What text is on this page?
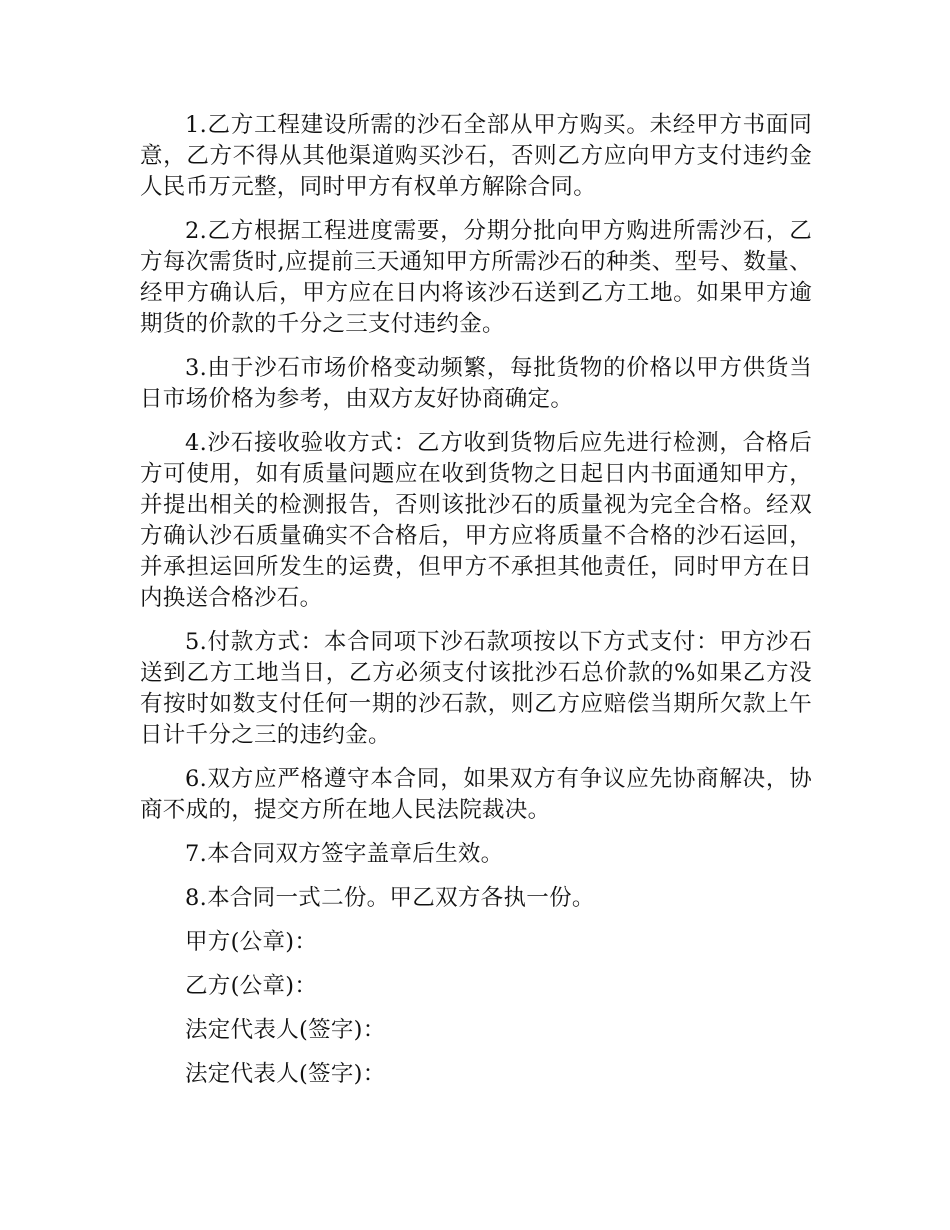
1.乙方工程建设所需的沙石全部从甲方购买。未经甲方书面同意，乙方不得从其他渠道购买沙石，否则乙方应向甲方支付违约金人民币万元整，同时甲方有权单方解除合同。

2.乙方根据工程进度需要，分期分批向甲方购进所需沙石，乙方每次需货时,应提前三天通知甲方所需沙石的种类、型号、数量、经甲方确认后，甲方应在日内将该沙石送到乙方工地。如果甲方逾期货的价款的千分之三支付违约金。

3.由于沙石市场价格变动频繁，每批货物的价格以甲方供货当日市场价格为参考，由双方友好协商确定。

4.沙石接收验收方式：乙方收到货物后应先进行检测，合格后方可使用，如有质量问题应在收到货物之日起日内书面通知甲方，并提出相关的检测报告，否则该批沙石的质量视为完全合格。经双方确认沙石质量确实不合格后，甲方应将质量不合格的沙石运回，并承担运回所发生的运费，但甲方不承担其他责任，同时甲方在日内换送合格沙石。

5.付款方式：本合同项下沙石款项按以下方式支付：甲方沙石送到乙方工地当日，乙方必须支付该批沙石总价款的%如果乙方没有按时如数支付任何一期的沙石款，则乙方应赔偿当期所欠款上午日计千分之三的违约金。

6.双方应严格遵守本合同，如果双方有争议应先协商解决，协商不成的，提交方所在地人民法院裁决。

7.本合同双方签字盖章后生效。

8.本合同一式二份。甲乙双方各执一份。

甲方(公章)：

乙方(公章)：

法定代表人(签字)：

法定代表人(签字)：
